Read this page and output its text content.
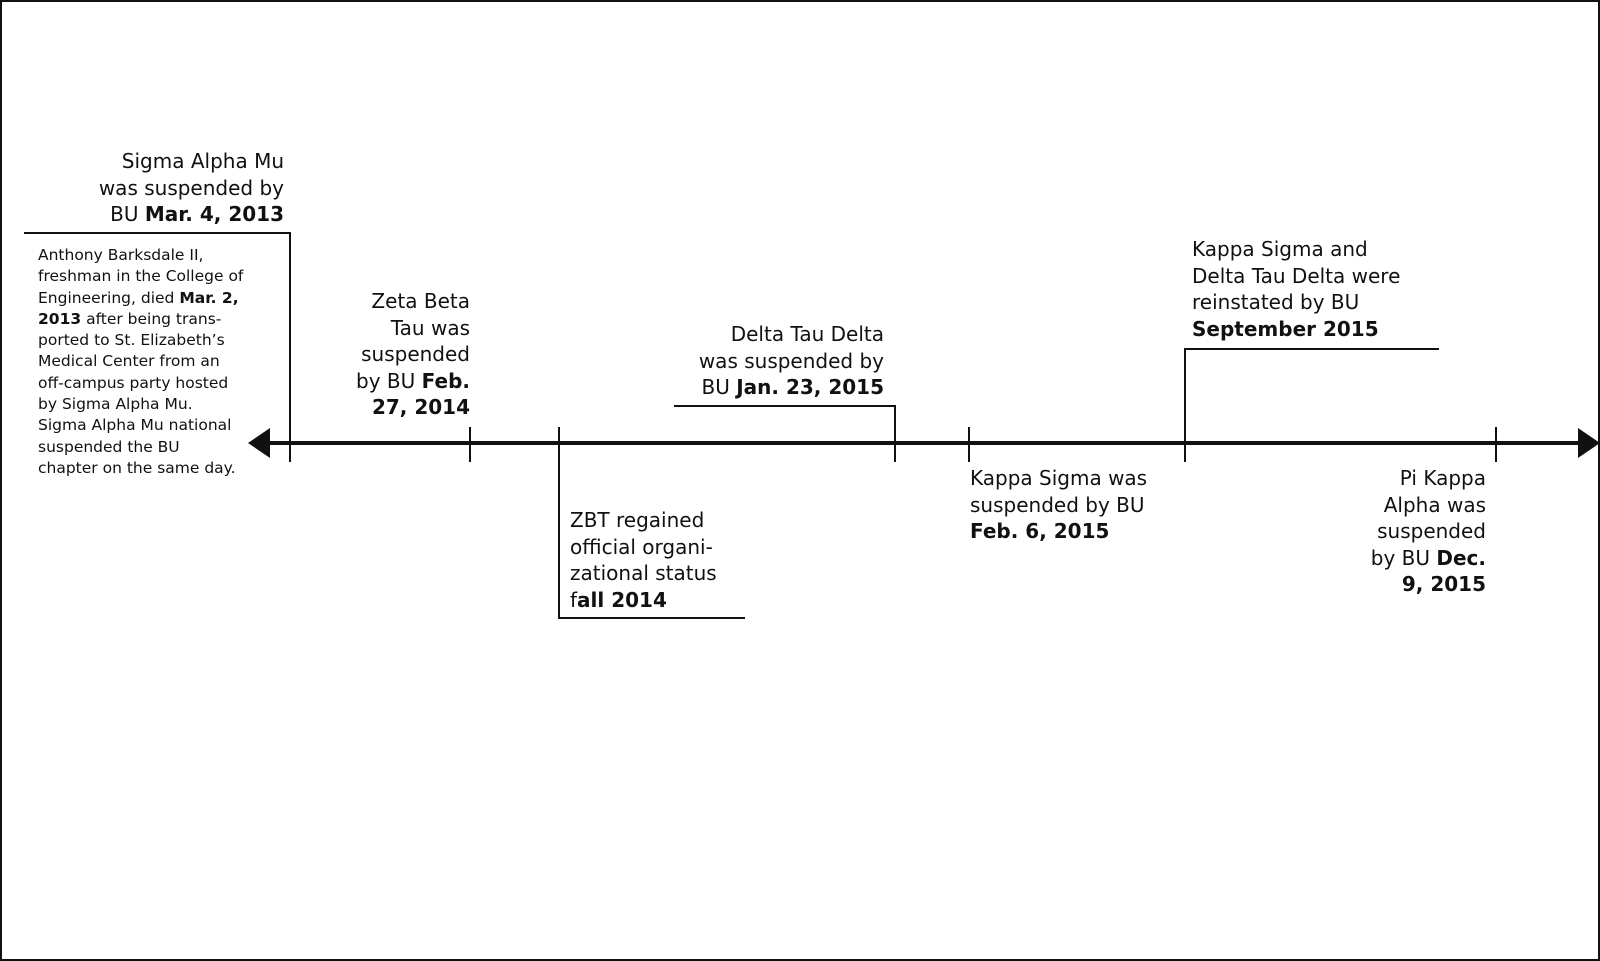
Sigma Alpha Mu
was suspended by
BU Mar. 4, 2013
Anthony Barksdale II,
freshman in the College of
Engineering, died Mar. 2,
2013 after being trans-
ported to St. Elizabeth’s
Medical Center from an
off-campus party hosted
by Sigma Alpha Mu.
Sigma Alpha Mu national
suspended the BU
chapter on the same day.
Zeta Beta
Tau was
suspended
by BU Feb.
27, 2014
ZBT regained
official organi-
zational status
fall 2014
Delta Tau Delta
was suspended by
BU Jan. 23, 2015
Kappa Sigma was
suspended by BU
Feb. 6, 2015
Kappa Sigma and
Delta Tau Delta were
reinstated by BU
September 2015
Pi Kappa
Alpha was
suspended
by BU Dec.
9, 2015
